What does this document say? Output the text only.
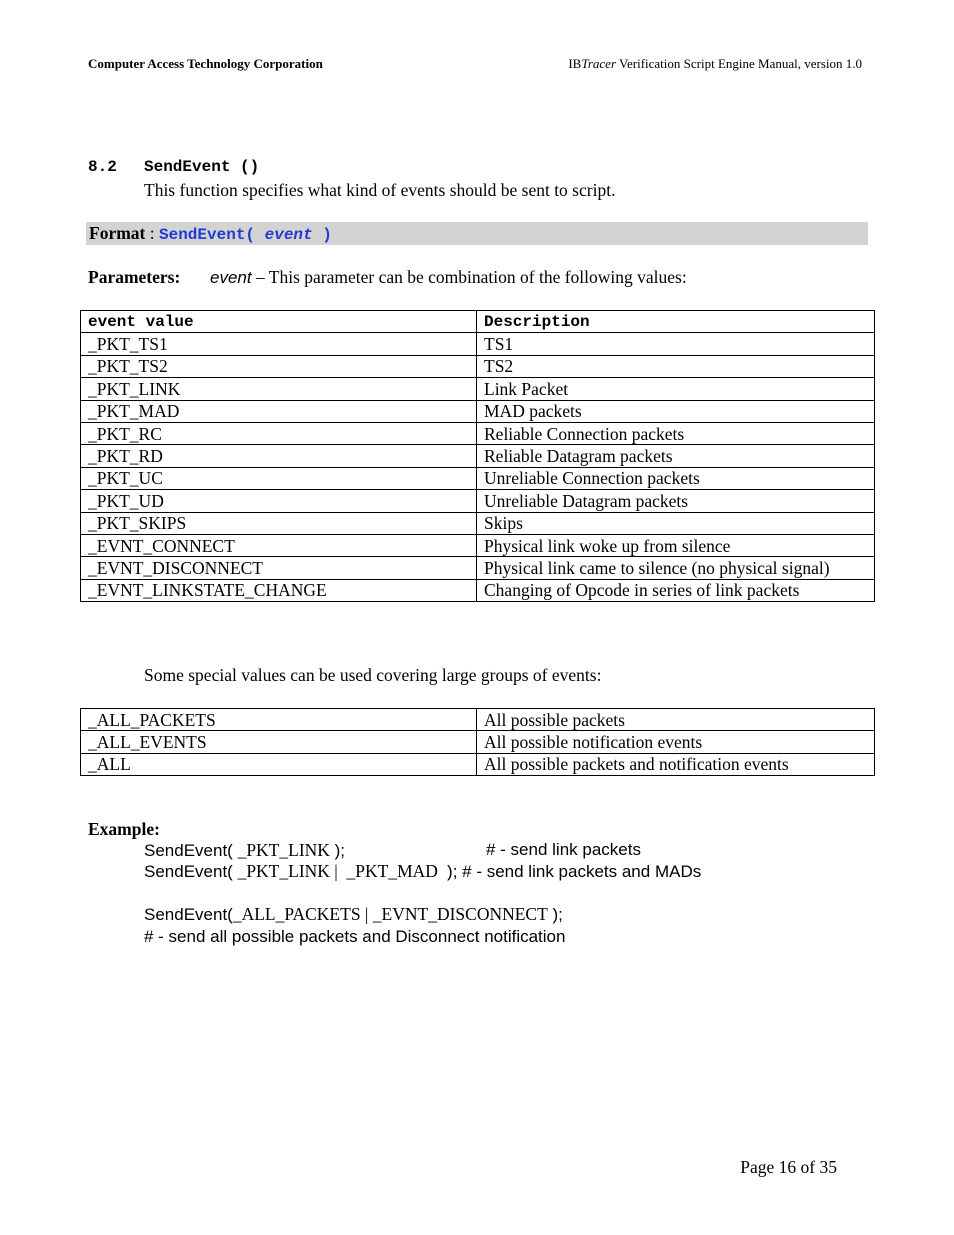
Computer Access Technology Corporation	IBTracer Verification Script Engine Manual, version 1.0
8.2 SendEvent ()
This function specifies what kind of events should be sent to script.
Format : SendEvent( event )
Parameters: event – This parameter can be combination of the following values:
event value	Description
_PKT_TS1	TS1
_PKT_TS2	TS2
_PKT_LINK	Link Packet
_PKT_MAD	MAD packets
_PKT_RC	Reliable Connection packets
_PKT_RD	Reliable Datagram packets
_PKT_UC	Unreliable Connection packets
_PKT_UD	Unreliable Datagram packets
_PKT_SKIPS	Skips
_EVNT_CONNECT	Physical link woke up from silence
_EVNT_DISCONNECT	Physical link came to silence (no physical signal)
_EVNT_LINKSTATE_CHANGE	Changing of Opcode in series of link packets
Some special values can be used covering large groups of events:
_ALL_PACKETS	All possible packets
_ALL_EVENTS	All possible notification events
_ALL	All possible packets and notification events
Example:
SendEvent( _PKT_LINK );	# - send link packets
SendEvent( _PKT_LINK |  _PKT_MAD  ); # - send link packets and MADs
SendEvent(_ALL_PACKETS | _EVNT_DISCONNECT );
# - send all possible packets and Disconnect notification
Page 16 of 35
